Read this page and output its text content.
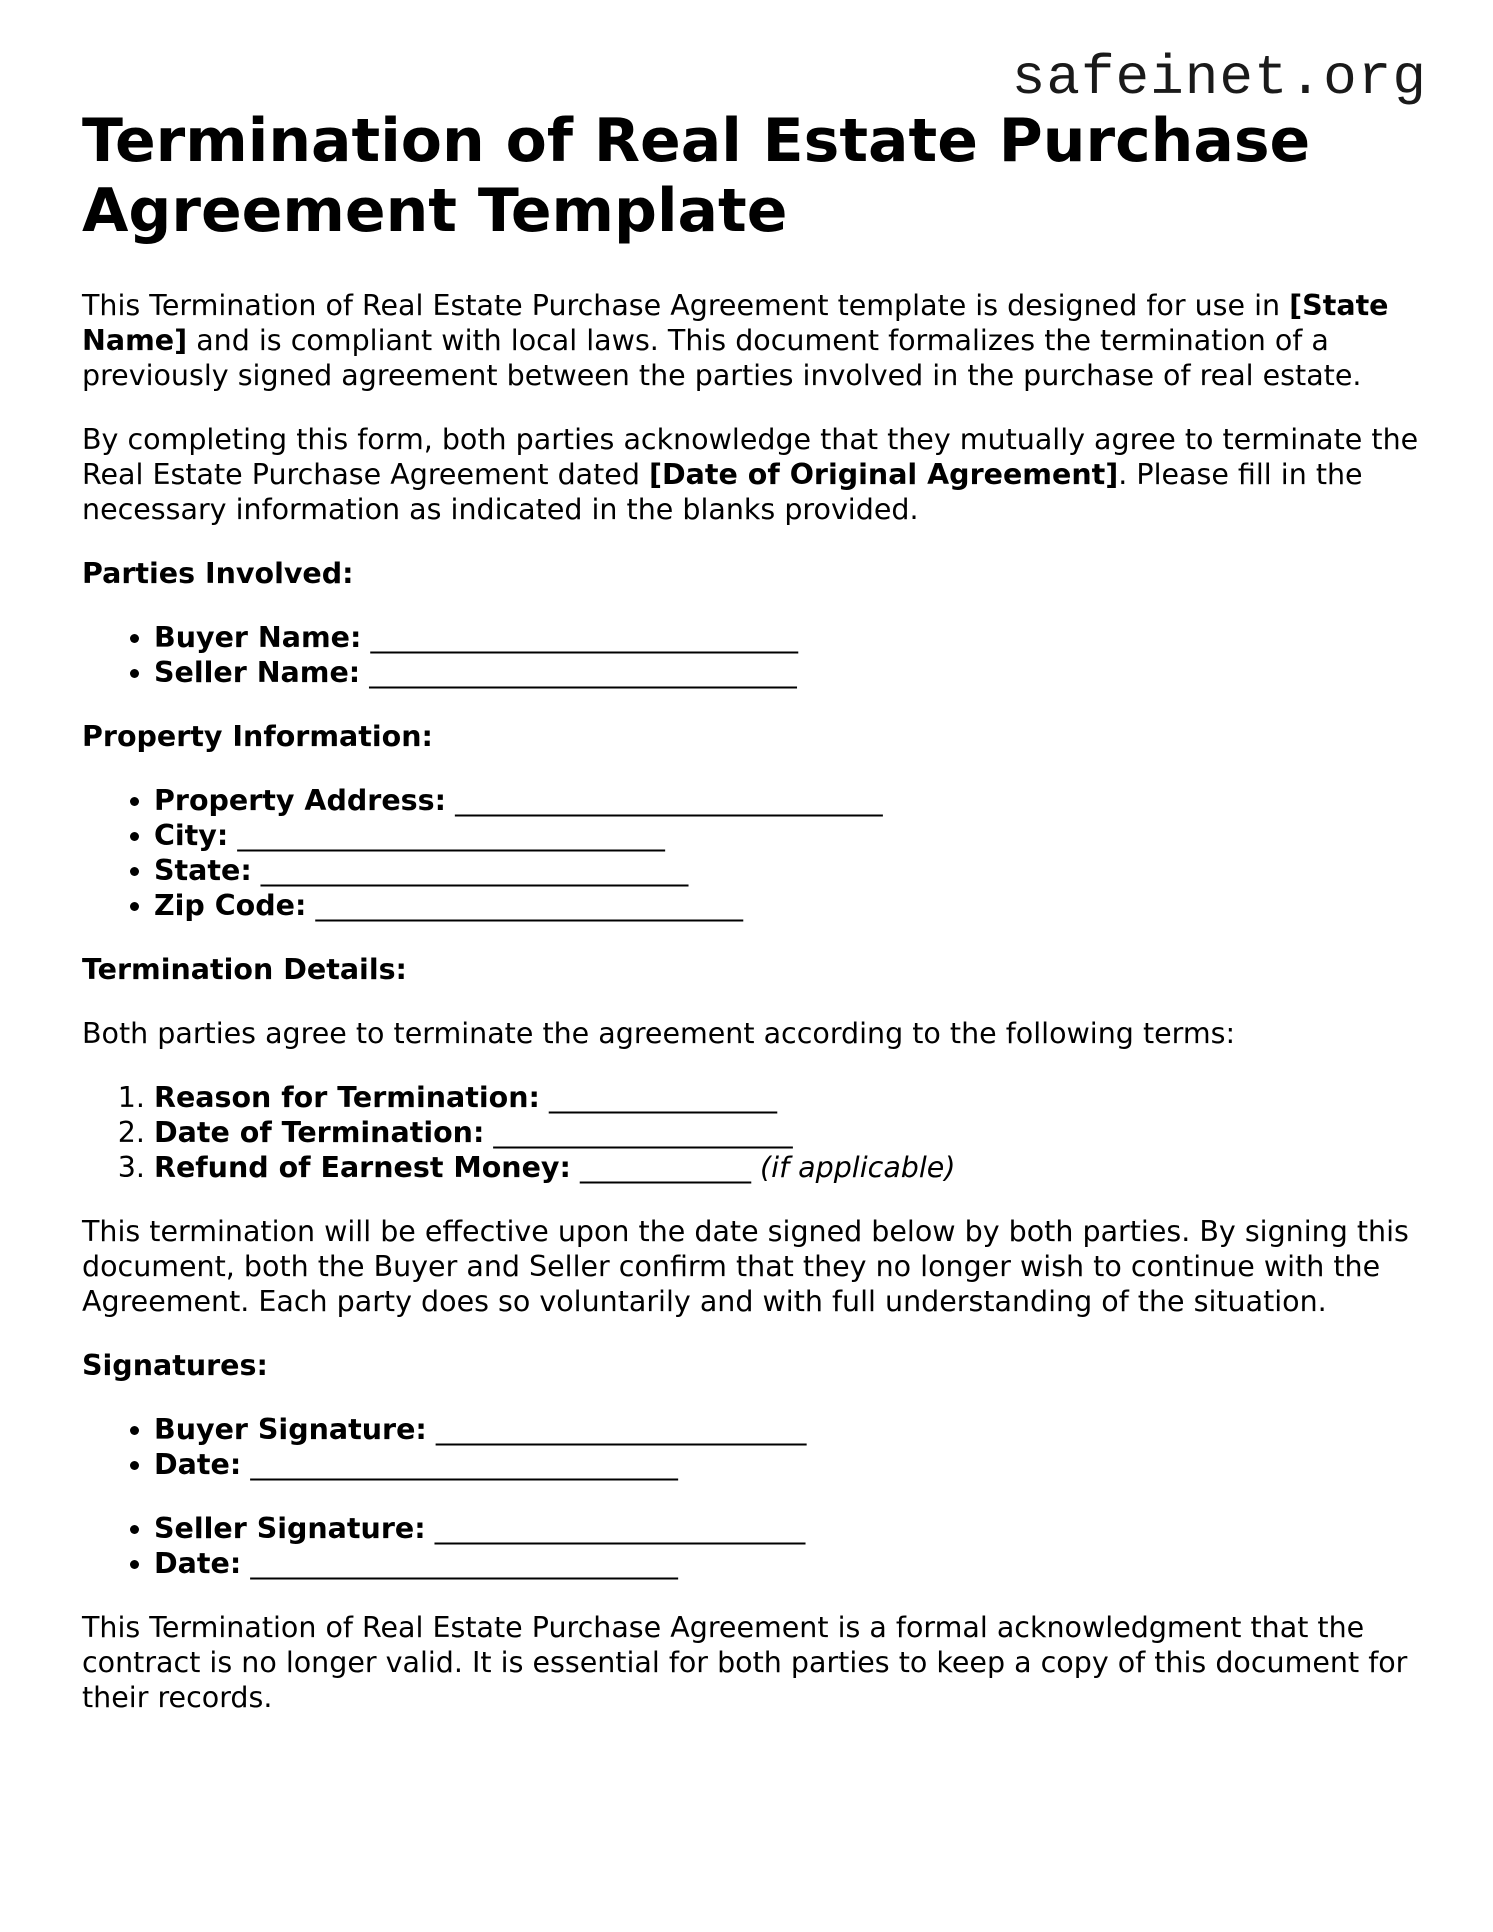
safeinet.org
Termination of Real Estate Purchase Agreement Template

This Termination of Real Estate Purchase Agreement template is designed for use in [State Name] and is compliant with local laws. This document formalizes the termination of a previously signed agreement between the parties involved in the purchase of real estate.

By completing this form, both parties acknowledge that they mutually agree to terminate the Real Estate Purchase Agreement dated [Date of Original Agreement]. Please fill in the necessary information as indicated in the blanks provided.

Parties Involved:
• Buyer Name: ______________________________
• Seller Name: ______________________________
Property Information:
• Property Address: ______________________________
• City: ______________________________
• State: ______________________________
• Zip Code: ______________________________
Termination Details:

Both parties agree to terminate the agreement according to the following terms:

1. Reason for Termination: ________________
2. Date of Termination: _____________________
3. Refund of Earnest Money: ____________ (if applicable)

This termination will be effective upon the date signed below by both parties. By signing this document, both the Buyer and Seller confirm that they no longer wish to continue with the Agreement. Each party does so voluntarily and with full understanding of the situation.

Signatures:
• Buyer Signature: __________________________
• Date: ______________________________
• Seller Signature: __________________________
• Date: ______________________________

This Termination of Real Estate Purchase Agreement is a formal acknowledgment that the contract is no longer valid. It is essential for both parties to keep a copy of this document for their records.
